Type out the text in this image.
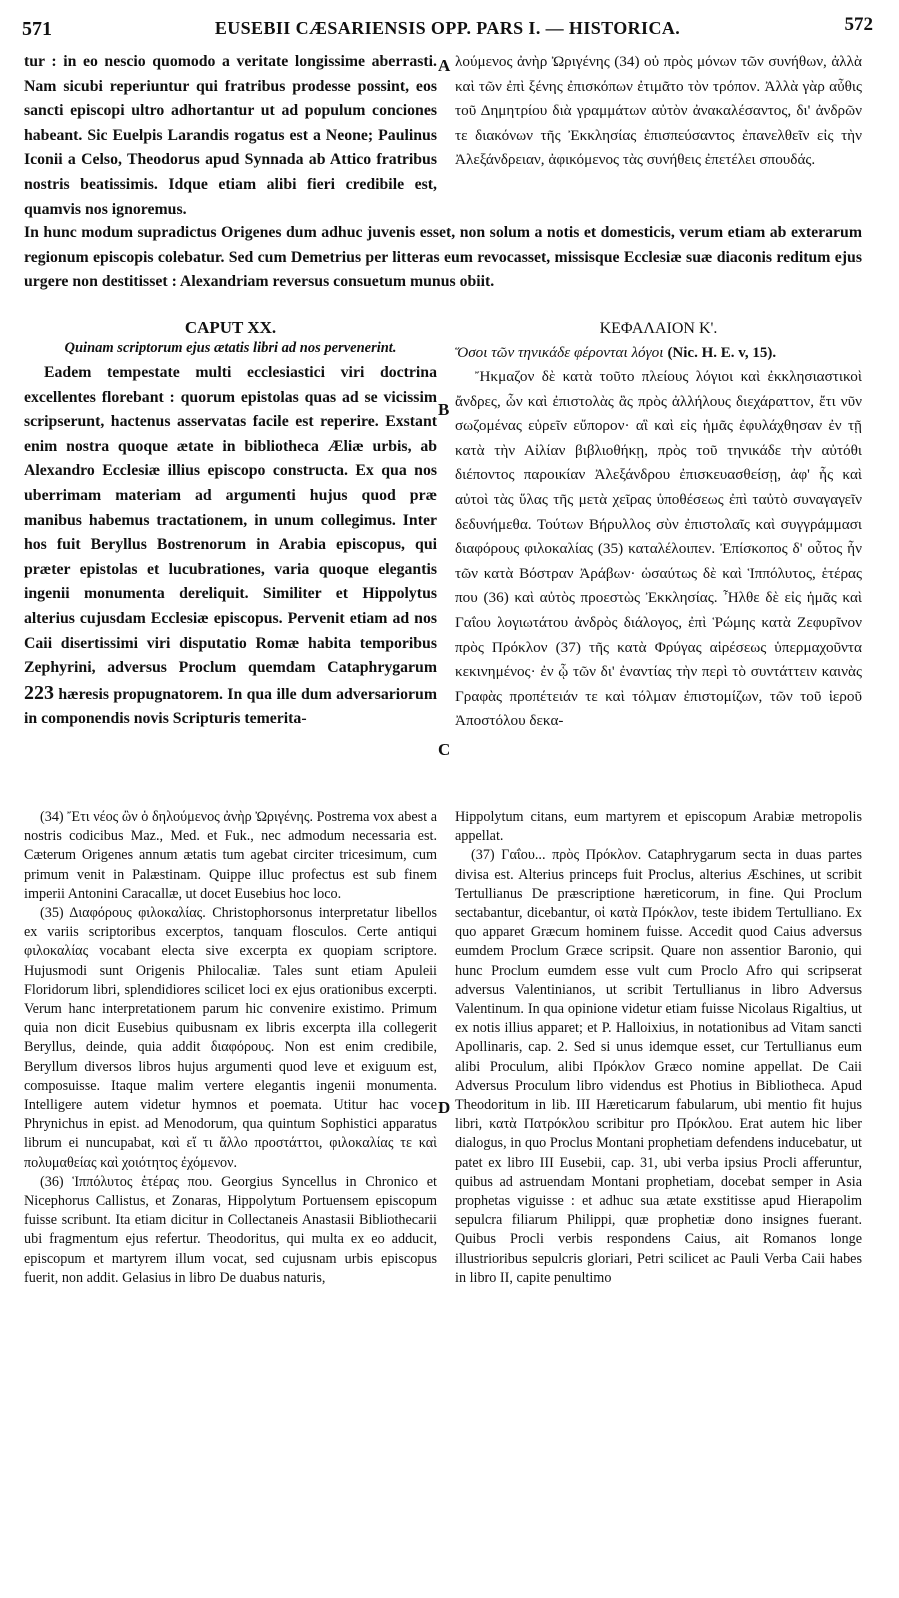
571	EUSEBII CÆSARIENSIS OPP. PARS I. — HISTORICA.	572
A
B
C
D

tur : in eo nescio quomodo a veritate longissime aberrasti. Nam sicubi reperiuntur qui fratribus prodesse possint, eos sancti episcopi ultro adhortantur ut ad populum conciones habeant. Sic Euelpis Larandis rogatus est a Neone; Paulinus Iconii a Celso, Theodorus apud Synnada ab Attico fratribus nostris beatissimis. Idque etiam alibi fieri credibile est, quamvis nos ignoremus.

λούμενος ἀνὴρ Ὠριγένης (34) οὐ πρὸς μόνων τῶν συνήθων, ἀλλὰ καὶ τῶν ἐπὶ ξένης ἐπισκόπων ἐτιμᾶτο τὸν τρόπον. Ἀλλὰ γὰρ αὖθις τοῦ Δημητρίου διὰ γραμμάτων αὐτὸν ἀνακαλέσαντος, δι' ἀνδρῶν τε διακόνων τῆς Ἐκκλησίας ἐπισπεύσαντος ἐπανελθεῖν εἰς τὴν Ἀλεξάνδρειαν, ἀφικόμενος τὰς συνήθεις ἐπετέλει σπουδάς.

In hunc modum supradictus Origenes dum adhuc juvenis esset, non solum a notis et domesticis, verum etiam ab exterarum regionum episcopis colebatur. Sed cum Demetrius per litteras eum revocasset, missisque Ecclesiæ suæ diaconis reditum ejus urgere non destitisset : Alexandriam reversus consuetum munus obiit.

CAPUT XX.
Quinam scriptorum ejus ætatis libri ad nos pervenerint.

Eadem tempestate multi ecclesiastici viri doctrina excellentes florebant : quorum epistolas quas ad se vicissim scripserunt, hactenus asservatas facile est reperire. Exstant enim nostra quoque ætate in bibliotheca Æliæ urbis, ab Alexandro Ecclesiæ illius episcopo constructa. Ex qua nos uberrimam materiam ad argumenti hujus quod præ manibus habemus tractationem, in unum collegimus. Inter hos fuit Beryllus Bostrenorum in Arabia episcopus, qui præter epistolas et lucubrationes, varia quoque elegantis ingenii monumenta dereliquit. Similiter et Hippolytus alterius cujusdam Ecclesiæ episcopus. Pervenit etiam ad nos Caii disertissimi viri disputatio Romæ habita temporibus Zephyrini, adversus Proclum quemdam Cataphrygarum 223 hæresis propugnatorem. In qua ille dum adversariorum in componendis novis Scripturis temerita-

ΚΕΦΑΛΑΙΟΝ Κ'.
Ὅσοι τῶν τηνικάδε φέρονται λόγοι (Nic. H. E. v, 15).

Ἤκμαζον δὲ κατὰ τοῦτο πλείους λόγιοι καὶ ἐκκλησιαστικοὶ ἄνδρες, ὧν καὶ ἐπιστολὰς ἃς πρὸς ἀλλήλους διεχάραττον, ἔτι νῦν σωζομένας εὑρεῖν εὔπορον· αἳ καὶ εἰς ἡμᾶς ἐφυλάχθησαν ἐν τῇ κατὰ τὴν Αἰλίαν βιβλιοθήκῃ, πρὸς τοῦ τηνικάδε τὴν αὐτόθι διέποντος παροικίαν Ἀλεξάνδρου ἐπισκευασθείσῃ, ἀφ' ἧς καὶ αὐτοὶ τὰς ὕλας τῆς μετὰ χεῖρας ὑποθέσεως ἐπὶ ταὐτὸ συναγαγεῖν δεδυνήμεθα. Τούτων Βήρυλλος σὺν ἐπιστολαῖς καὶ συγγράμμασι διαφόρους φιλοκαλίας (35) καταλέλοιπεν. Ἐπίσκοπος δ' οὗτος ἦν τῶν κατὰ Βόστραν Ἀράβων· ὡσαύτως δὲ καὶ Ἱππόλυτος, ἑτέρας που (36) καὶ αὐτὸς προεστὼς Ἐκκλησίας. Ἦλθε δὲ εἰς ἡμᾶς καὶ Γαΐου λογιωτάτου ἀνδρὸς διάλογος, ἐπὶ Ῥώμης κατὰ Ζεφυρῖνον πρὸς Πρόκλον (37) τῆς κατὰ Φρύγας αἱρέσεως ὑπερμαχοῦντα κεκινημένος· ἐν ᾧ τῶν δι' ἐναντίας τὴν περὶ τὸ συντάττειν καινὰς Γραφὰς προπέτειάν τε καὶ τόλμαν ἐπιστομίζων, τῶν τοῦ ἱεροῦ Ἀποστόλου δεκα-

(34) Ἔτι νέος ὢν ὁ δηλούμενος ἀνὴρ Ὠριγένης. Postrema vox abest a nostris codicibus Maz., Med. et Fuk., nec admodum necessaria est. Cæterum Origenes annum ætatis tum agebat circiter tricesimum, cum primum venit in Palæstinam. Quippe illuc profectus est sub finem imperii Antonini Caracallæ, ut docet Eusebius hoc loco.

(35) Διαφόρους φιλοκαλίας. Christophorsonus interpretatur libellos ex variis scriptoribus excerptos, tanquam flosculos. Certe antiqui φιλοκαλίας vocabant electa sive excerpta ex quopiam scriptore. Hujusmodi sunt Origenis Philocaliæ. Tales sunt etiam Apuleii Floridorum libri, splendidiores scilicet loci ex ejus orationibus excerpti. Verum hanc interpretationem parum hic convenire existimo. Primum quia non dicit Eusebius quibusnam ex libris excerpta illa collegerit Beryllus, deinde, quia addit διαφόρους. Non est enim credibile, Beryllum diversos libros hujus argumenti quod leve et exiguum est, composuisse. Itaque malim vertere elegantis ingenii monumenta. Intelligere autem videtur hymnos et poemata. Utitur hac voce Phrynichus in epist. ad Menodorum, qua quintum Sophistici apparatus librum ei nuncupabat, καὶ εἴ τι ἄλλο προστάττοι, φιλοκαλίας τε καὶ πολυμαθείας καὶ χοιότητος ἐχόμενον.

(36) Ἱππόλυτος ἑτέρας που. Georgius Syncellus in Chronico et Nicephorus Callistus, et Zonaras, Hippolytum Portuensem episcopum fuisse scribunt. Ita etiam dicitur in Collectaneis Anastasii Bibliothecarii ubi fragmentum ejus refertur. Theodoritus, qui multa ex eo adducit, episcopum et martyrem illum vocat, sed cujusnam urbis episcopus fuerit, non addit. Gelasius in libro De duabus naturis,

Hippolytum citans, eum martyrem et episcopum Arabiæ metropolis appellat.

(37) Γαΐου... πρὸς Πρόκλον. Cataphrygarum secta in duas partes divisa est. Alterius princeps fuit Proclus, alterius Æschines, ut scribit Tertullianus De præscriptione hæreticorum, in fine. Qui Proclum sectabantur, dicebantur, οἱ κατὰ Πρόκλον, teste ibidem Tertulliano. Ex quo apparet Græcum hominem fuisse. Accedit quod Caius adversus eumdem Proclum Græce scripsit. Quare non assentior Baronio, qui hunc Proclum eumdem esse vult cum Proclo Afro qui scripserat adversus Valentinianos, ut scribit Tertullianus in libro Adversus Valentinum. In qua opinione videtur etiam fuisse Nicolaus Rigaltius, ut ex notis illius apparet; et P. Halloixius, in notationibus ad Vitam sancti Apollinaris, cap. 2. Sed si unus idemque esset, cur Tertullianus eum alibi Proculum, alibi Πρόκλον Græco nomine appellat. De Caii Adversus Proculum libro videndus est Photius in Bibliotheca. Apud Theodoritum in lib. III Hæreticarum fabularum, ubi mentio fit hujus libri, κατὰ Πατρόκλου scribitur pro Πρόκλου. Erat autem hic liber dialogus, in quo Proclus Montani prophetiam defendens inducebatur, ut patet ex libro III Eusebii, cap. 31, ubi verba ipsius Procli afferuntur, quibus ad astruendam Montani prophetiam, docebat semper in Asia prophetas viguisse : et adhuc sua ætate exstitisse apud Hierapolim sepulcra filiarum Philippi, quæ prophetiæ dono insignes fuerant. Quibus Procli verbis respondens Caius, ait Romanos longe illustrioribus sepulcris gloriari, Petri scilicet ac Pauli Verba Caii habes in libro II, capite penultimo
